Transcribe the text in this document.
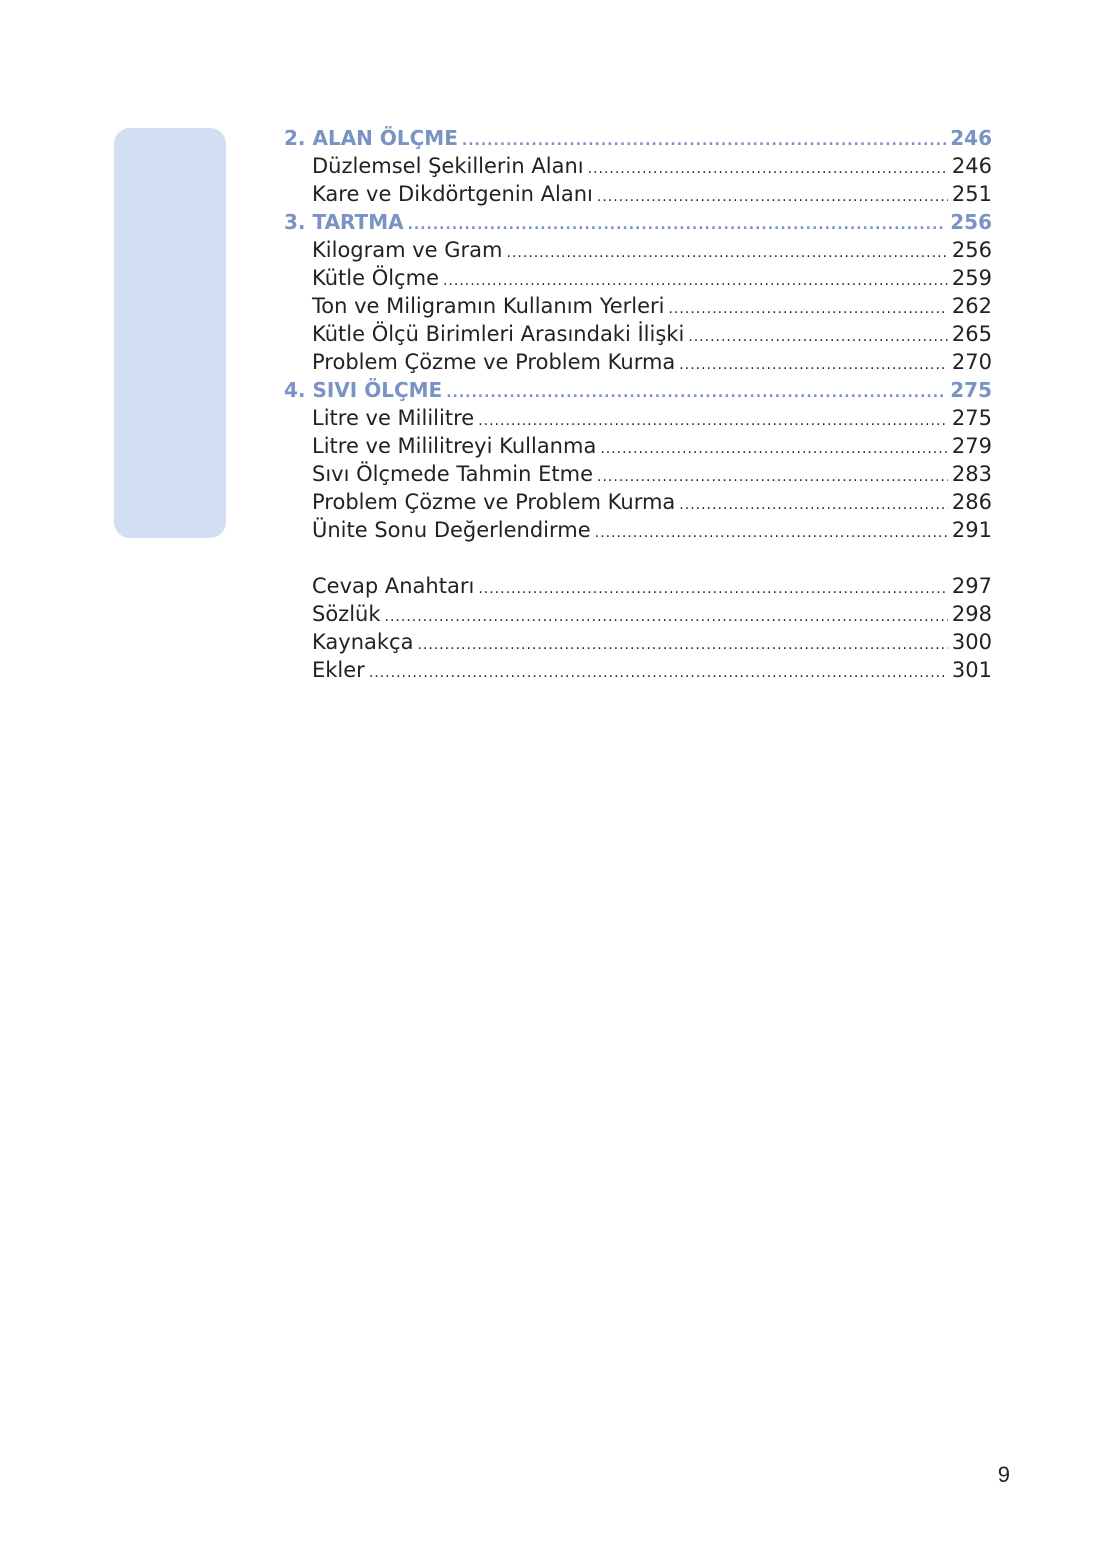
2. ALAN ÖLÇME .....	246
Düzlemsel Şekillerin Alanı .....	246
Kare ve Dikdörtgenin Alanı .....	251
3. TARTMA .....	256
Kilogram ve Gram .....	256
Kütle Ölçme .....	259
Ton ve Miligramın Kullanım Yerleri .....	262
Kütle Ölçü Birimleri Arasındaki İlişki .....	265
Problem Çözme ve Problem Kurma .....	270
4. SIVI ÖLÇME .....	275
Litre ve Mililitre .....	275
Litre ve Mililitreyi Kullanma .....	279
Sıvı Ölçmede Tahmin Etme .....	283
Problem Çözme ve Problem Kurma .....	286
Ünite Sonu Değerlendirme .....	291
Cevap Anahtarı .....	297
Sözlük .....	298
Kaynakça .....	300
Ekler .....	301
9
